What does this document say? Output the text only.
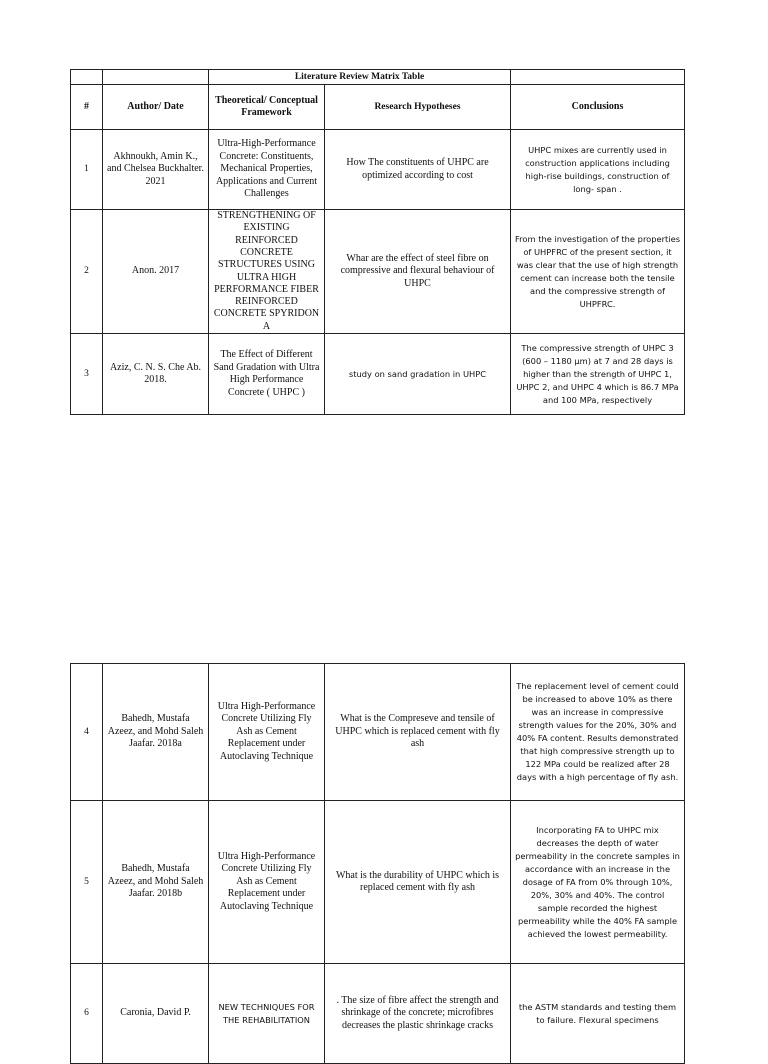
		Literature Review Matrix Table		
#	Author/ Date	Theoretical/ Conceptual Framework	Research Hypotheses	Conclusions
1	Akhnoukh, Amin K., and Chelsea Buckhalter. 2021	Ultra-High-Performance Concrete: Constituents, Mechanical Properties, Applications and Current Challenges	How The constituents of UHPC are optimized according to cost	UHPC mixes are currently used in construction applications including high-rise buildings, construction of long- span .
2	Anon. 2017	STRENGTHENING OF EXISTING REINFORCED CONCRETE STRUCTURES USING ULTRA HIGH PERFORMANCE FIBER REINFORCED CONCRETE SPYRIDON A	Whar are the effect of steel fibre on compressive and flexural behaviour of UHPC	From the investigation of the properties of UHPFRC of the present section, it was clear that the use of high strength cement can increase both the tensile and the compressive strength of UHPFRC.
3	Aziz, C. N. S. Che Ab. 2018.	The Effect of Different Sand Gradation with Ultra High Performance Concrete ( UHPC )	study on sand gradation in UHPC	The compressive strength of UHPC 3 (600 – 1180 µm) at 7 and 28 days is higher than the strength of UHPC 1, UHPC 2, and UHPC 4 which is 86.7 MPa and 100 MPa, respectively
4	Bahedh, Mustafa Azeez, and Mohd Saleh Jaafar. 2018a	Ultra High-Performance Concrete Utilizing Fly Ash as Cement Replacement under Autoclaving Technique	What is the Compreseve and tensile of UHPC which is replaced cement with fly ash	The replacement level of cement could be increased to above 10% as there was an increase in compressive strength values for the 20%, 30% and 40% FA content. Results demonstrated that high compressive strength up to 122 MPa could be realized after 28 days with a high percentage of fly ash.
5	Bahedh, Mustafa Azeez, and Mohd Saleh Jaafar. 2018b	Ultra High-Performance Concrete Utilizing Fly Ash as Cement Replacement under Autoclaving Technique	What is the durability of UHPC which is replaced cement with fly ash	Incorporating FA to UHPC mix decreases the depth of water permeability in the concrete samples in accordance with an increase in the dosage of FA from 0% through 10%, 20%, 30% and 40%. The control sample recorded the highest permeability while the 40% FA sample achieved the lowest permeability.
6	Caronia, David P.	NEW TECHNIQUES FOR THE REHABILITATION	. The size of fibre affect the strength and shrinkage of the concrete; microfibres decreases the plastic shrinkage cracks	the ASTM standards and testing them to failure. Flexural specimens
